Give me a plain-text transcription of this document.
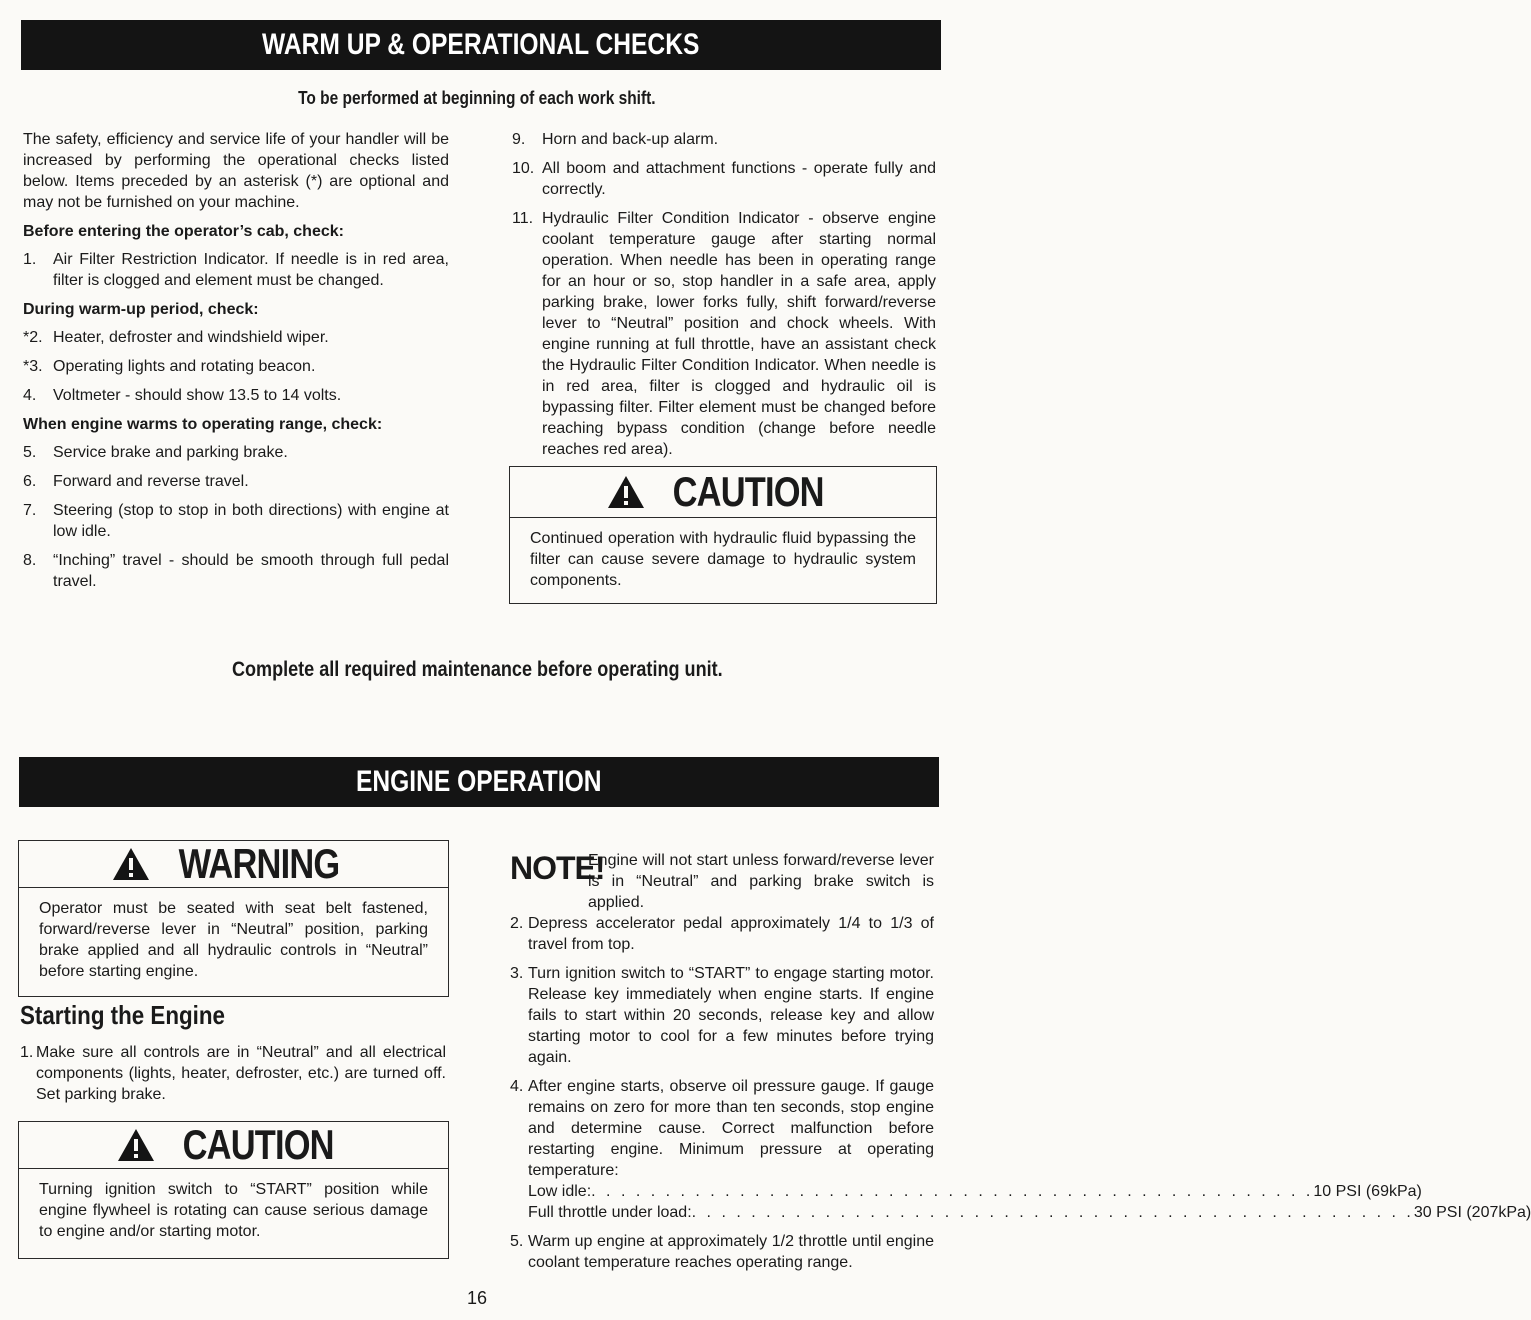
WARM UP & OPERATIONAL CHECKS
To be performed at beginning of each work shift.

The safety, efficiency and service life of your handler will be increased by performing the operational checks listed below. Items preceded by an asterisk (*) are optional and may not be furnished on your machine.

Before entering the operator’s cab, check:
1.	Air Filter Restriction Indicator. If needle is in red area, filter is clogged and element must be changed.
During warm-up period, check:
*2. Heater, defroster and windshield wiper.
*3. Operating lights and rotating beacon.
4.	Voltmeter - should show 13.5 to 14 volts.
When engine warms to operating range, check:
5.	Service brake and parking brake.
6.	Forward and reverse travel.
7.	Steering (stop to stop in both directions) with engine at low idle.
8.	“Inching” travel - should be smooth through full pedal travel.
9.	Horn and back-up alarm.
10. All boom and attachment functions - operate fully and correctly.
11. Hydraulic Filter Condition Indicator - observe engine coolant temperature gauge after starting normal operation. When needle has been in operating range for an hour or so, stop handler in a safe area, apply parking brake, lower forks fully, shift forward/reverse lever to “Neutral” position and chock wheels. With engine running at full throttle, have an assistant check the Hydraulic Filter Condition Indicator. When needle is in red area, filter is clogged and hydraulic oil is bypassing filter. Filter element must be changed before reaching bypass condition (change before needle reaches red area).
CAUTION
Continued operation with hydraulic fluid bypassing the filter can cause severe damage to hydraulic system components.
Complete all required maintenance before operating unit.
ENGINE OPERATION
WARNING
Operator must be seated with seat belt fastened, forward/reverse lever in “Neutral” position, parking brake applied and all hydraulic controls in “Neutral” before starting engine.
Starting the Engine
1. Make sure all controls are in “Neutral” and all electrical components (lights, heater, defroster, etc.) are turned off. Set parking brake.
CAUTION
Turning ignition switch to “START” position while engine flywheel is rotating can cause serious damage to engine and/or starting motor.
NOTE!
Engine will not start unless forward/reverse lever is in “Neutral” and parking brake switch is applied.
2. Depress accelerator pedal approximately 1/4 to 1/3 of travel from top.
3. Turn ignition switch to “START” to engage starting motor. Release key immediately when engine starts. If engine fails to start within 20 seconds, release key and allow starting motor to cool for a few minutes before trying again.
4. After engine starts, observe oil pressure gauge. If gauge remains on zero for more than ten seconds, stop engine and determine cause. Correct malfunction before restarting engine. Minimum pressure at operating temperature:
Low idle: . . . . . . . . . . . . . . . . . . . . . . . . . . . . . . . . . . . . . . . . . . . . . . . . . 10 PSI (69kPa)
Full throttle under load: . . . . . . . . . . . . . . . . . . . . . . . . . . . . . . . . . . . . . . . . . . . . . . . . . 30 PSI (207kPa)
5. Warm up engine at approximately 1/2 throttle until engine coolant temperature reaches operating range.
16
